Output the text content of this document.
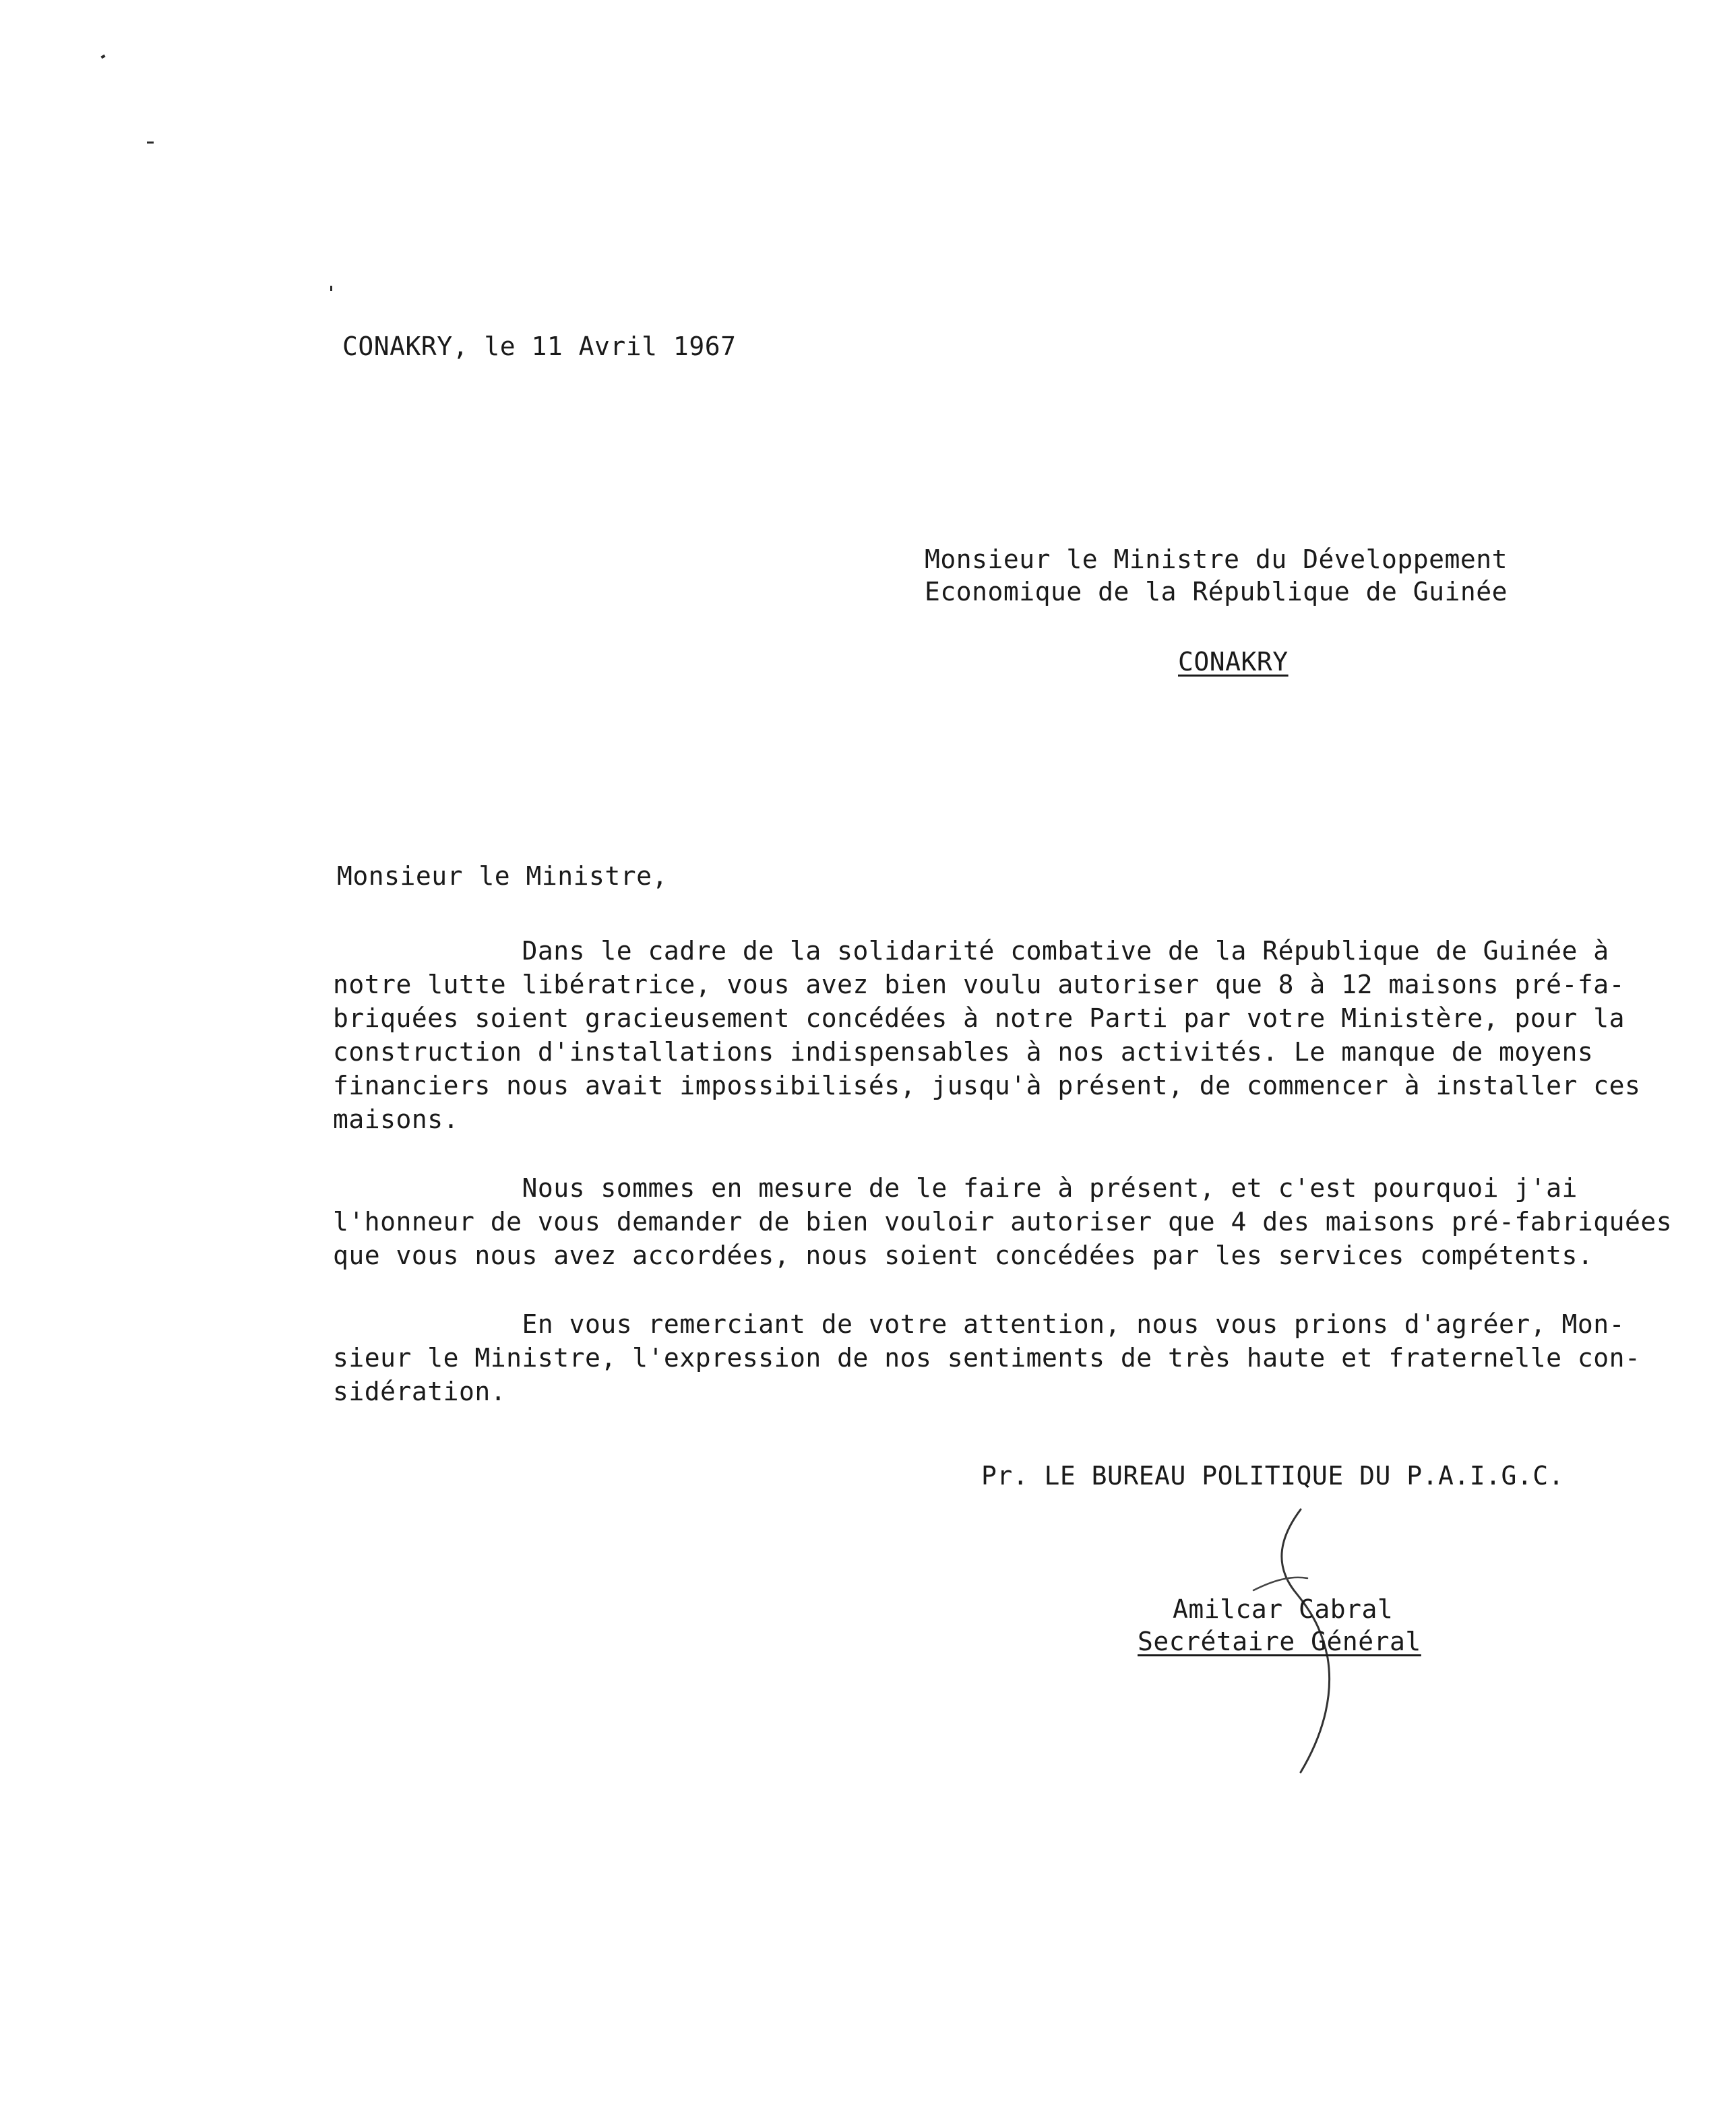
CONAKRY, le 11 Avril 1967
Monsieur le Ministre du Développement
Economique de la République de Guinée
CONAKRY
Monsieur le Ministre,
Dans le cadre de la solidarité combative de la République de Guinée à
notre lutte libératrice, vous avez bien voulu autoriser que 8 à 12 maisons pré-fa-
briquées soient gracieusement concédées à notre Parti par votre Ministère, pour la
construction d'installations indispensables à nos activités. Le manque de moyens
financiers nous avait impossibilisés, jusqu'à présent, de commencer à installer ces
maisons.
Nous sommes en mesure de le faire à présent, et c'est pourquoi j'ai
l'honneur de vous demander de bien vouloir autoriser que 4 des maisons pré-fabriquées
que vous nous avez accordées, nous soient concédées par les services compétents.
En vous remerciant de votre attention, nous vous prions d'agréer, Mon-
sieur le Ministre, l'expression de nos sentiments de très haute et fraternelle con-
sidération.
Pr. LE BUREAU POLITIQUE DU P.A.I.G.C.
Amilcar Cabral
Secrétaire Général
